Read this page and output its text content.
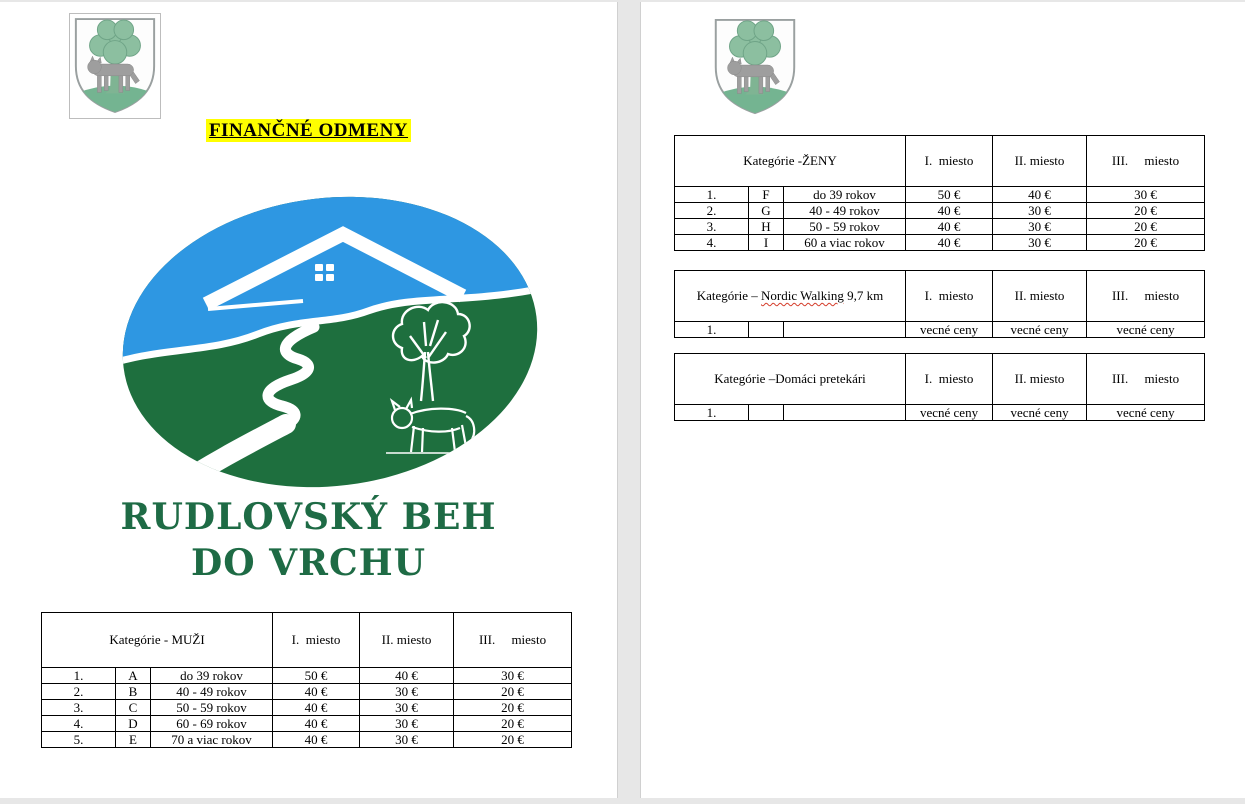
FINANČNÉ ODMENY
RUDLOVSKÝ BEH
DO VRCHU
Kategórie - MUŽI			I.  miesto	II. miesto	III.     miesto
1.	A	do 39 rokov	50 €	40 €	30 €
2.	B	40 - 49 rokov	40 €	30 €	20 €
3.	C	50 - 59 rokov	40 €	30 €	20 €
4.	D	60 - 69 rokov	40 €	30 €	20 €
5.	E	70 a viac rokov	40 €	30 €	20 €
Kategórie -ŽENY			I.  miesto	II. miesto	III.     miesto
1.	F	do 39 rokov	50 €	40 €	30 €
2.	G	40 - 49 rokov	40 €	30 €	20 €
3.	H	50 - 59 rokov	40 €	30 €	20 €
4.	I	60 a viac rokov	40 €	30 €	20 €
Kategórie – Nordic Walking 9,7 km			I.  miesto	II. miesto	III.     miesto
1.			vecné ceny	vecné ceny	vecné ceny
Kategórie –Domáci pretekári			I.  miesto	II. miesto	III.     miesto
1.			vecné ceny	vecné ceny	vecné ceny
